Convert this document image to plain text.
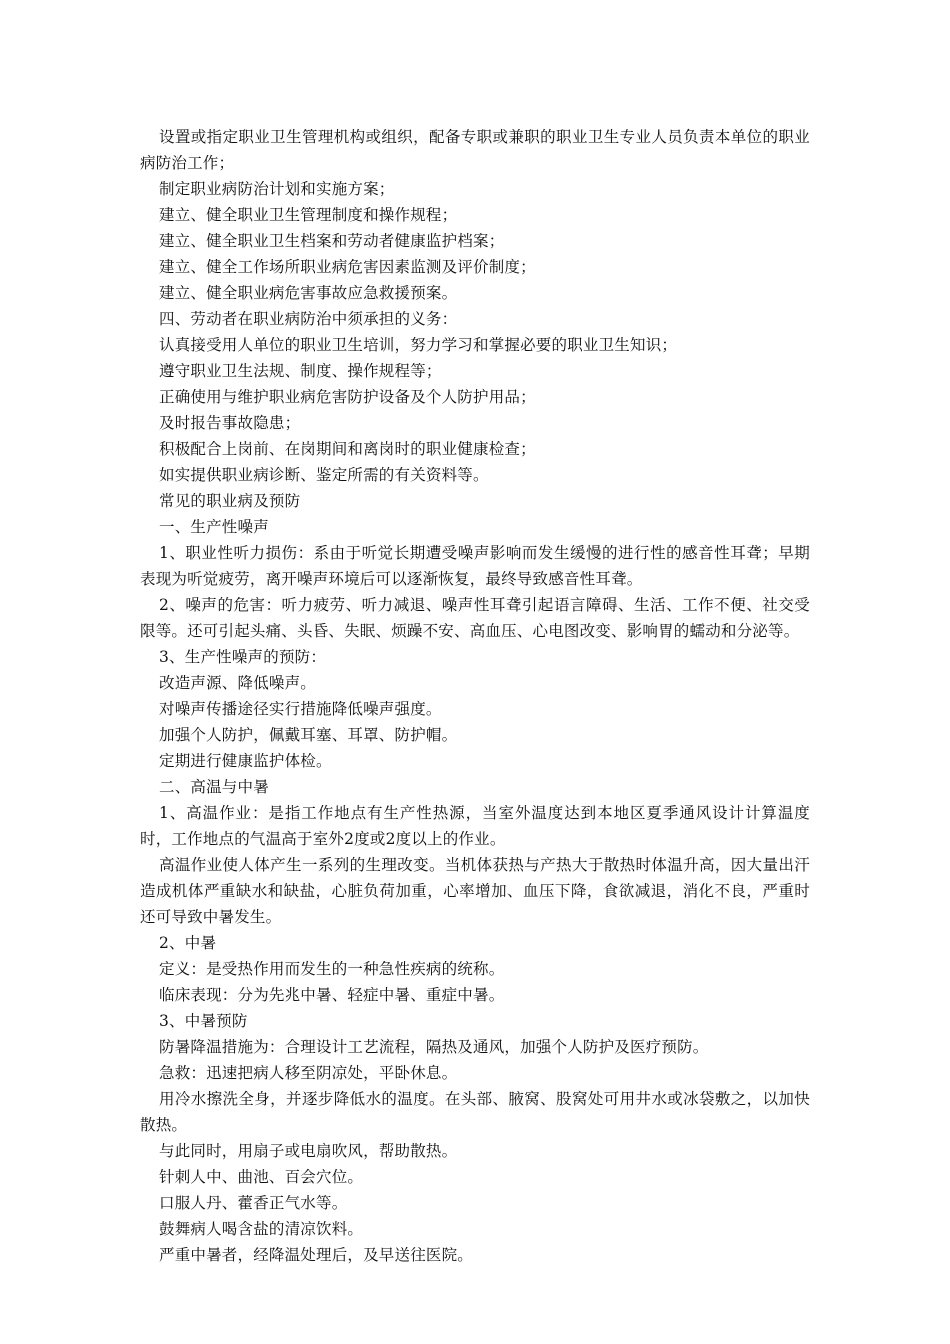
设置或指定职业卫生管理机构或组织，配备专职或兼职的职业卫生专业人员负责本单位的职业病防治工作；

制定职业病防治计划和实施方案；

建立、健全职业卫生管理制度和操作规程；

建立、健全职业卫生档案和劳动者健康监护档案；

建立、健全工作场所职业病危害因素监测及评价制度；

建立、健全职业病危害事故应急救援预案。

四、劳动者在职业病防治中须承担的义务：

认真接受用人单位的职业卫生培训，努力学习和掌握必要的职业卫生知识；

遵守职业卫生法规、制度、操作规程等；

正确使用与维护职业病危害防护设备及个人防护用品；

及时报告事故隐患；

积极配合上岗前、在岗期间和离岗时的职业健康检查；

如实提供职业病诊断、鉴定所需的有关资料等。

常见的职业病及预防

一、生产性噪声

1、职业性听力损伤：系由于听觉长期遭受噪声影响而发生缓慢的进行性的感音性耳聋；早期表现为听觉疲劳，离开噪声环境后可以逐渐恢复，最终导致感音性耳聋。

2、噪声的危害：听力疲劳、听力减退、噪声性耳聋引起语言障碍、生活、工作不便、社交受限等。还可引起头痛、头昏、失眠、烦躁不安、高血压、心电图改变、影响胃的蠕动和分泌等。

3、生产性噪声的预防：

改造声源、降低噪声。

对噪声传播途径实行措施降低噪声强度。

加强个人防护，佩戴耳塞、耳罩、防护帽。

定期进行健康监护体检。

二、高温与中暑

1、高温作业：是指工作地点有生产性热源，当室外温度达到本地区夏季通风设计计算温度时，工作地点的气温高于室外2度或2度以上的作业。

高温作业使人体产生一系列的生理改变。当机体获热与产热大于散热时体温升高，因大量出汗造成机体严重缺水和缺盐，心脏负荷加重，心率增加、血压下降，食欲减退，消化不良，严重时还可导致中暑发生。

2、中暑

定义：是受热作用而发生的一种急性疾病的统称。

临床表现：分为先兆中暑、轻症中暑、重症中暑。

3、中暑预防

防暑降温措施为：合理设计工艺流程，隔热及通风，加强个人防护及医疗预防。

急救：迅速把病人移至阴凉处，平卧休息。

用冷水擦洗全身，并逐步降低水的温度。在头部、腋窝、股窝处可用井水或冰袋敷之，以加快散热。

与此同时，用扇子或电扇吹风，帮助散热。

针刺人中、曲池、百会穴位。

口服人丹、藿香正气水等。

鼓舞病人喝含盐的清凉饮料。

严重中暑者，经降温处理后，及早送往医院。
